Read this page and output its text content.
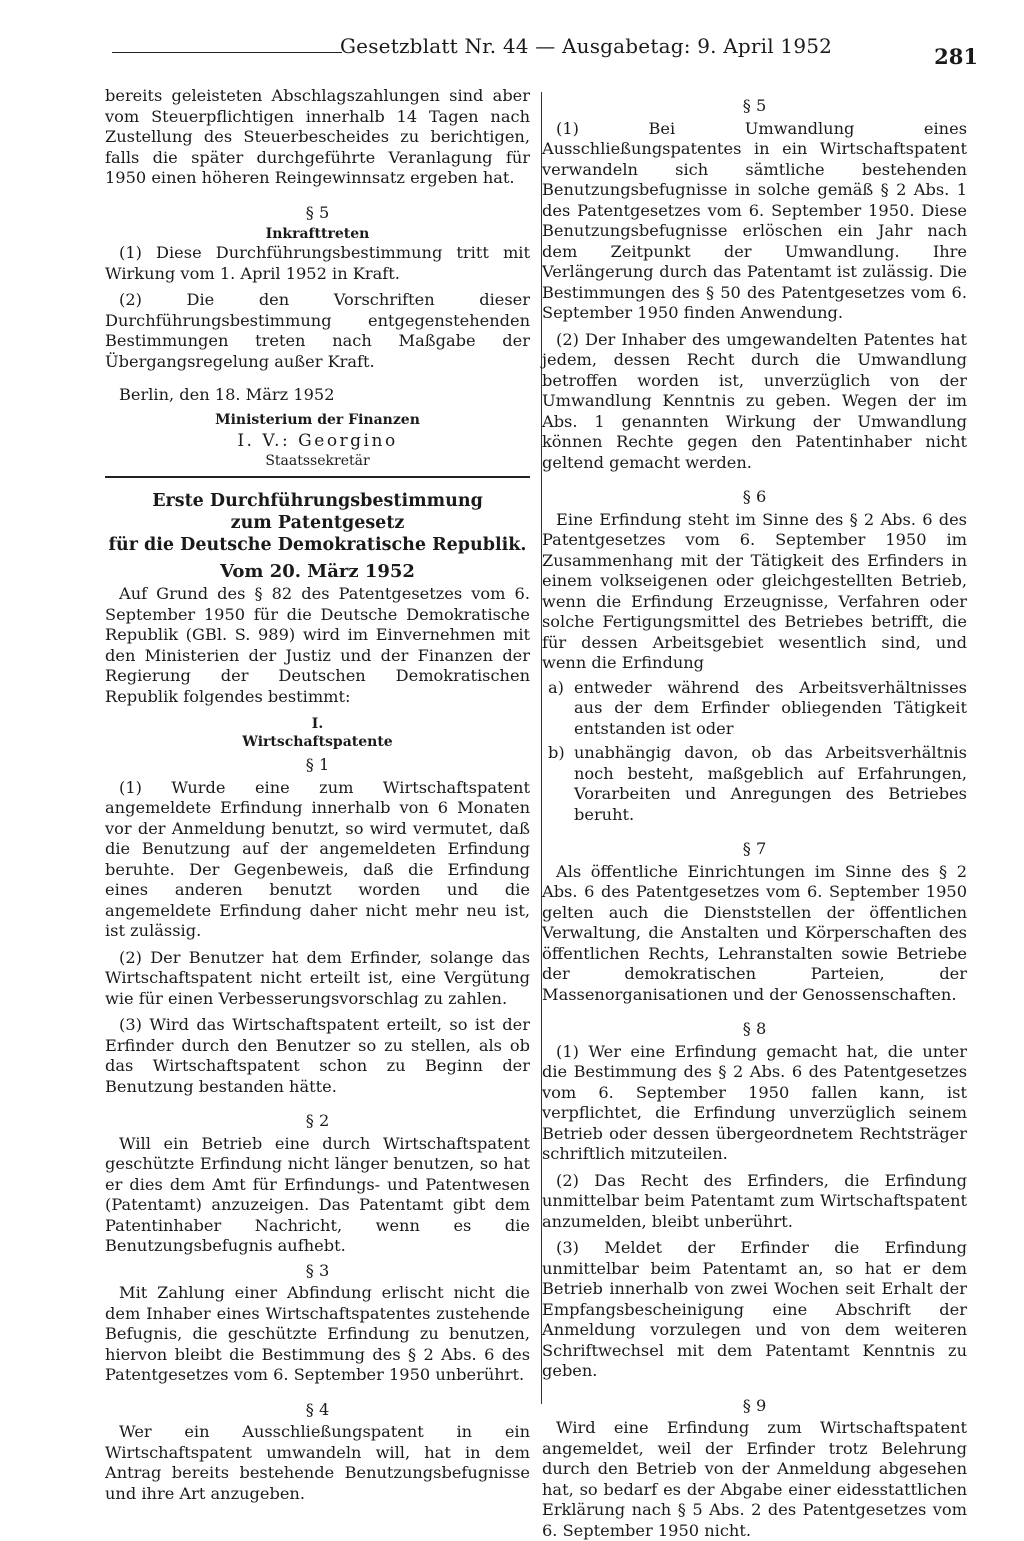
Gesetzblatt Nr. 44 — Ausgabetag: 9. April 1952	281

bereits geleisteten Abschlagszahlungen sind aber vom Steuerpflichtigen innerhalb 14 Tagen nach Zustellung des Steuerbescheides zu berichtigen, falls die später durchgeführte Veranlagung für 1950 einen höheren Reingewinnsatz ergeben hat.

§ 5
Inkrafttreten

(1) Diese Durchführungsbestimmung tritt mit Wirkung vom 1. April 1952 in Kraft.

(2) Die den Vorschriften dieser Durchführungsbestimmung entgegenstehenden Bestimmungen treten nach Maßgabe der Übergangsregelung außer Kraft.

Berlin, den 18. März 1952
Ministerium der Finanzen
I. V.: Georgino
Staatssekretär
Erste Durchführungsbestimmung
zum Patentgesetz
für die Deutsche Demokratische Republik.
Vom 20. März 1952

Auf Grund des § 82 des Patentgesetzes vom 6. September 1950 für die Deutsche Demokratische Republik (GBl. S. 989) wird im Einvernehmen mit den Ministerien der Justiz und der Finanzen der Regierung der Deutschen Demokratischen Republik folgendes bestimmt:

I.
Wirtschaftspatente
§ 1

(1) Wurde eine zum Wirtschaftspatent angemeldete Erfindung innerhalb von 6 Monaten vor der Anmeldung benutzt, so wird vermutet, daß die Benutzung auf der angemeldeten Erfindung beruhte. Der Gegenbeweis, daß die Erfindung eines anderen benutzt worden und die angemeldete Erfindung daher nicht mehr neu ist, ist zulässig.

(2) Der Benutzer hat dem Erfinder, solange das Wirtschaftspatent nicht erteilt ist, eine Vergütung wie für einen Verbesserungsvorschlag zu zahlen.

(3) Wird das Wirtschaftspatent erteilt, so ist der Erfinder durch den Benutzer so zu stellen, als ob das Wirtschaftspatent schon zu Beginn der Benutzung bestanden hätte.

§ 2

Will ein Betrieb eine durch Wirtschaftspatent geschützte Erfindung nicht länger benutzen, so hat er dies dem Amt für Erfindungs- und Patentwesen (Patentamt) anzuzeigen. Das Patentamt gibt dem Patentinhaber Nachricht, wenn es die Benutzungsbefugnis aufhebt.

§ 3

Mit Zahlung einer Abfindung erlischt nicht die dem Inhaber eines Wirtschaftspatentes zustehende Befugnis, die geschützte Erfindung zu benutzen, hiervon bleibt die Bestimmung des § 2 Abs. 6 des Patentgesetzes vom 6. September 1950 unberührt.

§ 4

Wer ein Ausschließungspatent in ein Wirtschaftspatent umwandeln will, hat in dem Antrag bereits bestehende Benutzungsbefugnisse und ihre Art anzugeben.

§ 5

(1) Bei Umwandlung eines Ausschließungspatentes in ein Wirtschaftspatent verwandeln sich sämtliche bestehenden Benutzungsbefugnisse in solche gemäß § 2 Abs. 1 des Patentgesetzes vom 6. September 1950. Diese Benutzungsbefugnisse erlöschen ein Jahr nach dem Zeitpunkt der Umwandlung. Ihre Verlängerung durch das Patentamt ist zulässig. Die Bestimmungen des § 50 des Patentgesetzes vom 6. September 1950 finden Anwendung.

(2) Der Inhaber des umgewandelten Patentes hat jedem, dessen Recht durch die Umwandlung betroffen worden ist, unverzüglich von der Umwandlung Kenntnis zu geben. Wegen der im Abs. 1 genannten Wirkung der Umwandlung können Rechte gegen den Patentinhaber nicht geltend gemacht werden.

§ 6

Eine Erfindung steht im Sinne des § 2 Abs. 6 des Patentgesetzes vom 6. September 1950 im Zusammenhang mit der Tätigkeit des Erfinders in einem volkseigenen oder gleichgestellten Betrieb, wenn die Erfindung Erzeugnisse, Verfahren oder solche Fertigungsmittel des Betriebes betrifft, die für dessen Arbeitsgebiet wesentlich sind, und wenn die Erfindung

a) entweder während des Arbeitsverhältnisses aus der dem Erfinder obliegenden Tätigkeit entstanden ist oder
b) unabhängig davon, ob das Arbeitsverhältnis noch besteht, maßgeblich auf Erfahrungen, Vorarbeiten und Anregungen des Betriebes beruht.
§ 7

Als öffentliche Einrichtungen im Sinne des § 2 Abs. 6 des Patentgesetzes vom 6. September 1950 gelten auch die Dienststellen der öffentlichen Verwaltung, die Anstalten und Körperschaften des öffentlichen Rechts, Lehranstalten sowie Betriebe der demokratischen Parteien, der Massenorganisationen und der Genossenschaften.

§ 8

(1) Wer eine Erfindung gemacht hat, die unter die Bestimmung des § 2 Abs. 6 des Patentgesetzes vom 6. September 1950 fallen kann, ist verpflichtet, die Erfindung unverzüglich seinem Betrieb oder dessen übergeordnetem Rechtsträger schriftlich mitzuteilen.

(2) Das Recht des Erfinders, die Erfindung unmittelbar beim Patentamt zum Wirtschaftspatent anzumelden, bleibt unberührt.

(3) Meldet der Erfinder die Erfindung unmittelbar beim Patentamt an, so hat er dem Betrieb innerhalb von zwei Wochen seit Erhalt der Empfangsbescheinigung eine Abschrift der Anmeldung vorzulegen und von dem weiteren Schriftwechsel mit dem Patentamt Kenntnis zu geben.

§ 9

Wird eine Erfindung zum Wirtschaftspatent angemeldet, weil der Erfinder trotz Belehrung durch den Betrieb von der Anmeldung abgesehen hat, so bedarf es der Abgabe einer eidesstattlichen Erklärung nach § 5 Abs. 2 des Patentgesetzes vom 6. September 1950 nicht.
